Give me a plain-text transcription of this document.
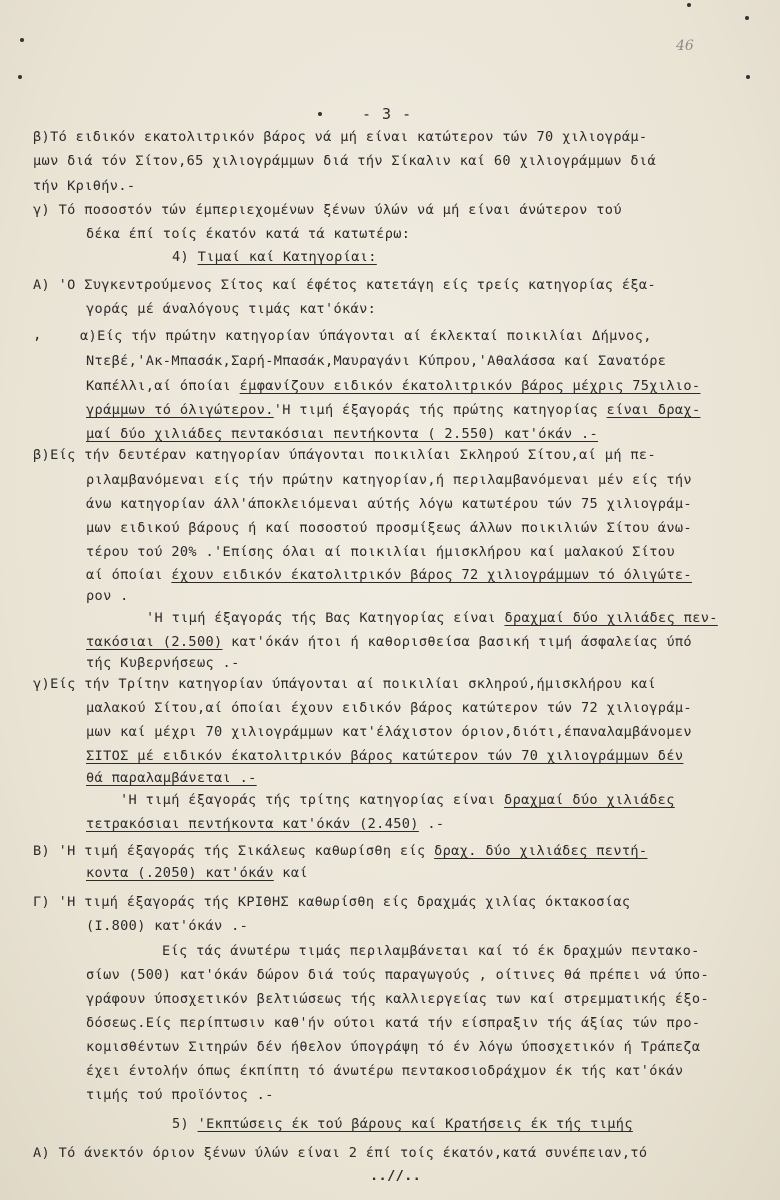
46
- 3 -
,
β)Τό ειδικόν εκατολιτρικόν βάρος νά μή είναι κατώτερον τών 70 χιλιογράμ-
μων διά τόν Σίτον,65 χιλιογράμμων διά τήν Σίκαλιν καί 60 χιλιογράμμων διά
τήν Κριθήν.-
γ) Τό ποσοστόν τών έμπεριεχομένων ξένων ύλών νά μή είναι άνώτερον τού
δέκα έπί τοίς έκατόν κατά τά κατωτέρω:
4) Τιμαί καί Κατηγορίαι:
Α) 'Ο Συγκεντρούμενος Σίτος καί έφέτος κατετάγη είς τρείς κατηγορίας έξα-
γοράς μέ άναλόγους τιμάς κατ'όκάν:
α)Είς τήν πρώτην κατηγορίαν ύπάγονται αί έκλεκταί ποικιλίαι Δήμνος,
Ντεβέ,'Ακ-Μπασάκ,Σαρή-Μπασάκ,Μαυραγάνι Κύπρου,'Αθαλάσσα καί Σανατόρε
Καπέλλι,αί όποίαι έμφανίζουν ειδικόν έκατολιτρικόν βάρος μέχρις 75χιλιο-
γράμμων τό όλιγώτερον.'Η τιμή έξαγοράς τής πρώτης κατηγορίας είναι δραχ-
μαί δύο χιλιάδες πεντακόσιαι πεντήκοντα ( 2.550) κατ'όκάν .-
β)Είς τήν δευτέραν κατηγορίαν ύπάγονται ποικιλίαι Σκληρού Σίτου,αί μή πε-
ριλαμβανόμεναι είς τήν πρώτην κατηγορίαν,ή περιλαμβανόμεναι μέν είς τήν
άνω κατηγορίαν άλλ'άποκλειόμεναι αύτής λόγω κατωτέρου τών 75 χιλιογράμ-
μων ειδικού βάρους ή καί ποσοστού προσμίξεως άλλων ποικιλιών Σίτου άνω-
τέρου τού 20% .'Επίσης όλαι αί ποικιλίαι ήμισκλήρου καί μαλακού Σίτου
αί όποίαι έχουν ειδικόν έκατολιτρικόν βάρος 72 χιλιογράμμων τό όλιγώτε-
ρον .
'Η τιμή έξαγοράς τής Βας Κατηγορίας είναι δραχμαί δύο χιλιάδες πεν-
τακόσιαι (2.500) κατ'όκάν ήτοι ή καθορισθείσα βασική τιμή άσφαλείας ύπό
τής Κυβερνήσεως .-
γ)Είς τήν Τρίτην κατηγορίαν ύπάγονται αί ποικιλίαι σκληρού,ήμισκλήρου καί
μαλακού Σίτου,αί όποίαι έχουν ειδικόν βάρος κατώτερον τών 72 χιλιογράμ-
μων καί μέχρι 70 χιλιογράμμων κατ'έλάχιστον όριον,διότι,έπαναλαμβάνομεν
ΣΙΤΟΣ μέ ειδικόν έκατολιτρικόν βάρος κατώτερον τών 70 χιλιογράμμων δέν
θά παραλαμβάνεται .-
'Η τιμή έξαγοράς τής τρίτης κατηγορίας είναι δραχμαί δύο χιλιάδες
τετρακόσιαι πεντήκοντα κατ'όκάν (2.450) .-
Β) 'Η τιμή έξαγοράς τής Σικάλεως καθωρίσθη είς δραχ. δύο χιλιάδες πεντή-
κοντα (.2050) κατ'όκάν καί
Γ) 'Η τιμή έξαγοράς τής ΚΡΙΘΗΣ καθωρίσθη είς δραχμάς χιλίας όκτακοσίας
(Ι.800) κατ'όκάν .-
Είς τάς άνωτέρω τιμάς περιλαμβάνεται καί τό έκ δραχμών πεντακο-
σίων (500) κατ'όκάν δώρον διά τούς παραγωγούς , οίτινες θά πρέπει νά ύπο-
γράφουν ύποσχετικόν βελτιώσεως τής καλλιεργείας των καί στρεμματικής έξο-
δόσεως.Είς περίπτωσιν καθ'ήν ούτοι κατά τήν είσπραξιν τής άξίας τών προ-
κομισθέντων Σιτηρών δέν ήθελον ύπογράψη τό έν λόγω ύποσχετικόν ή Τράπεζα
έχει έντολήν όπως έκπίπτη τό άνωτέρω πεντακοσιοδράχμον έκ τής κατ'όκάν
τιμής τού προϊόντος .-
5) 'Εκπτώσεις έκ τού βάρους καί Κρατήσεις έκ τής τιμής
Α) Τό άνεκτόν όριον ξένων ύλών είναι 2 έπί τοίς έκατόν,κατά συνέπειαν,τό
..//..
